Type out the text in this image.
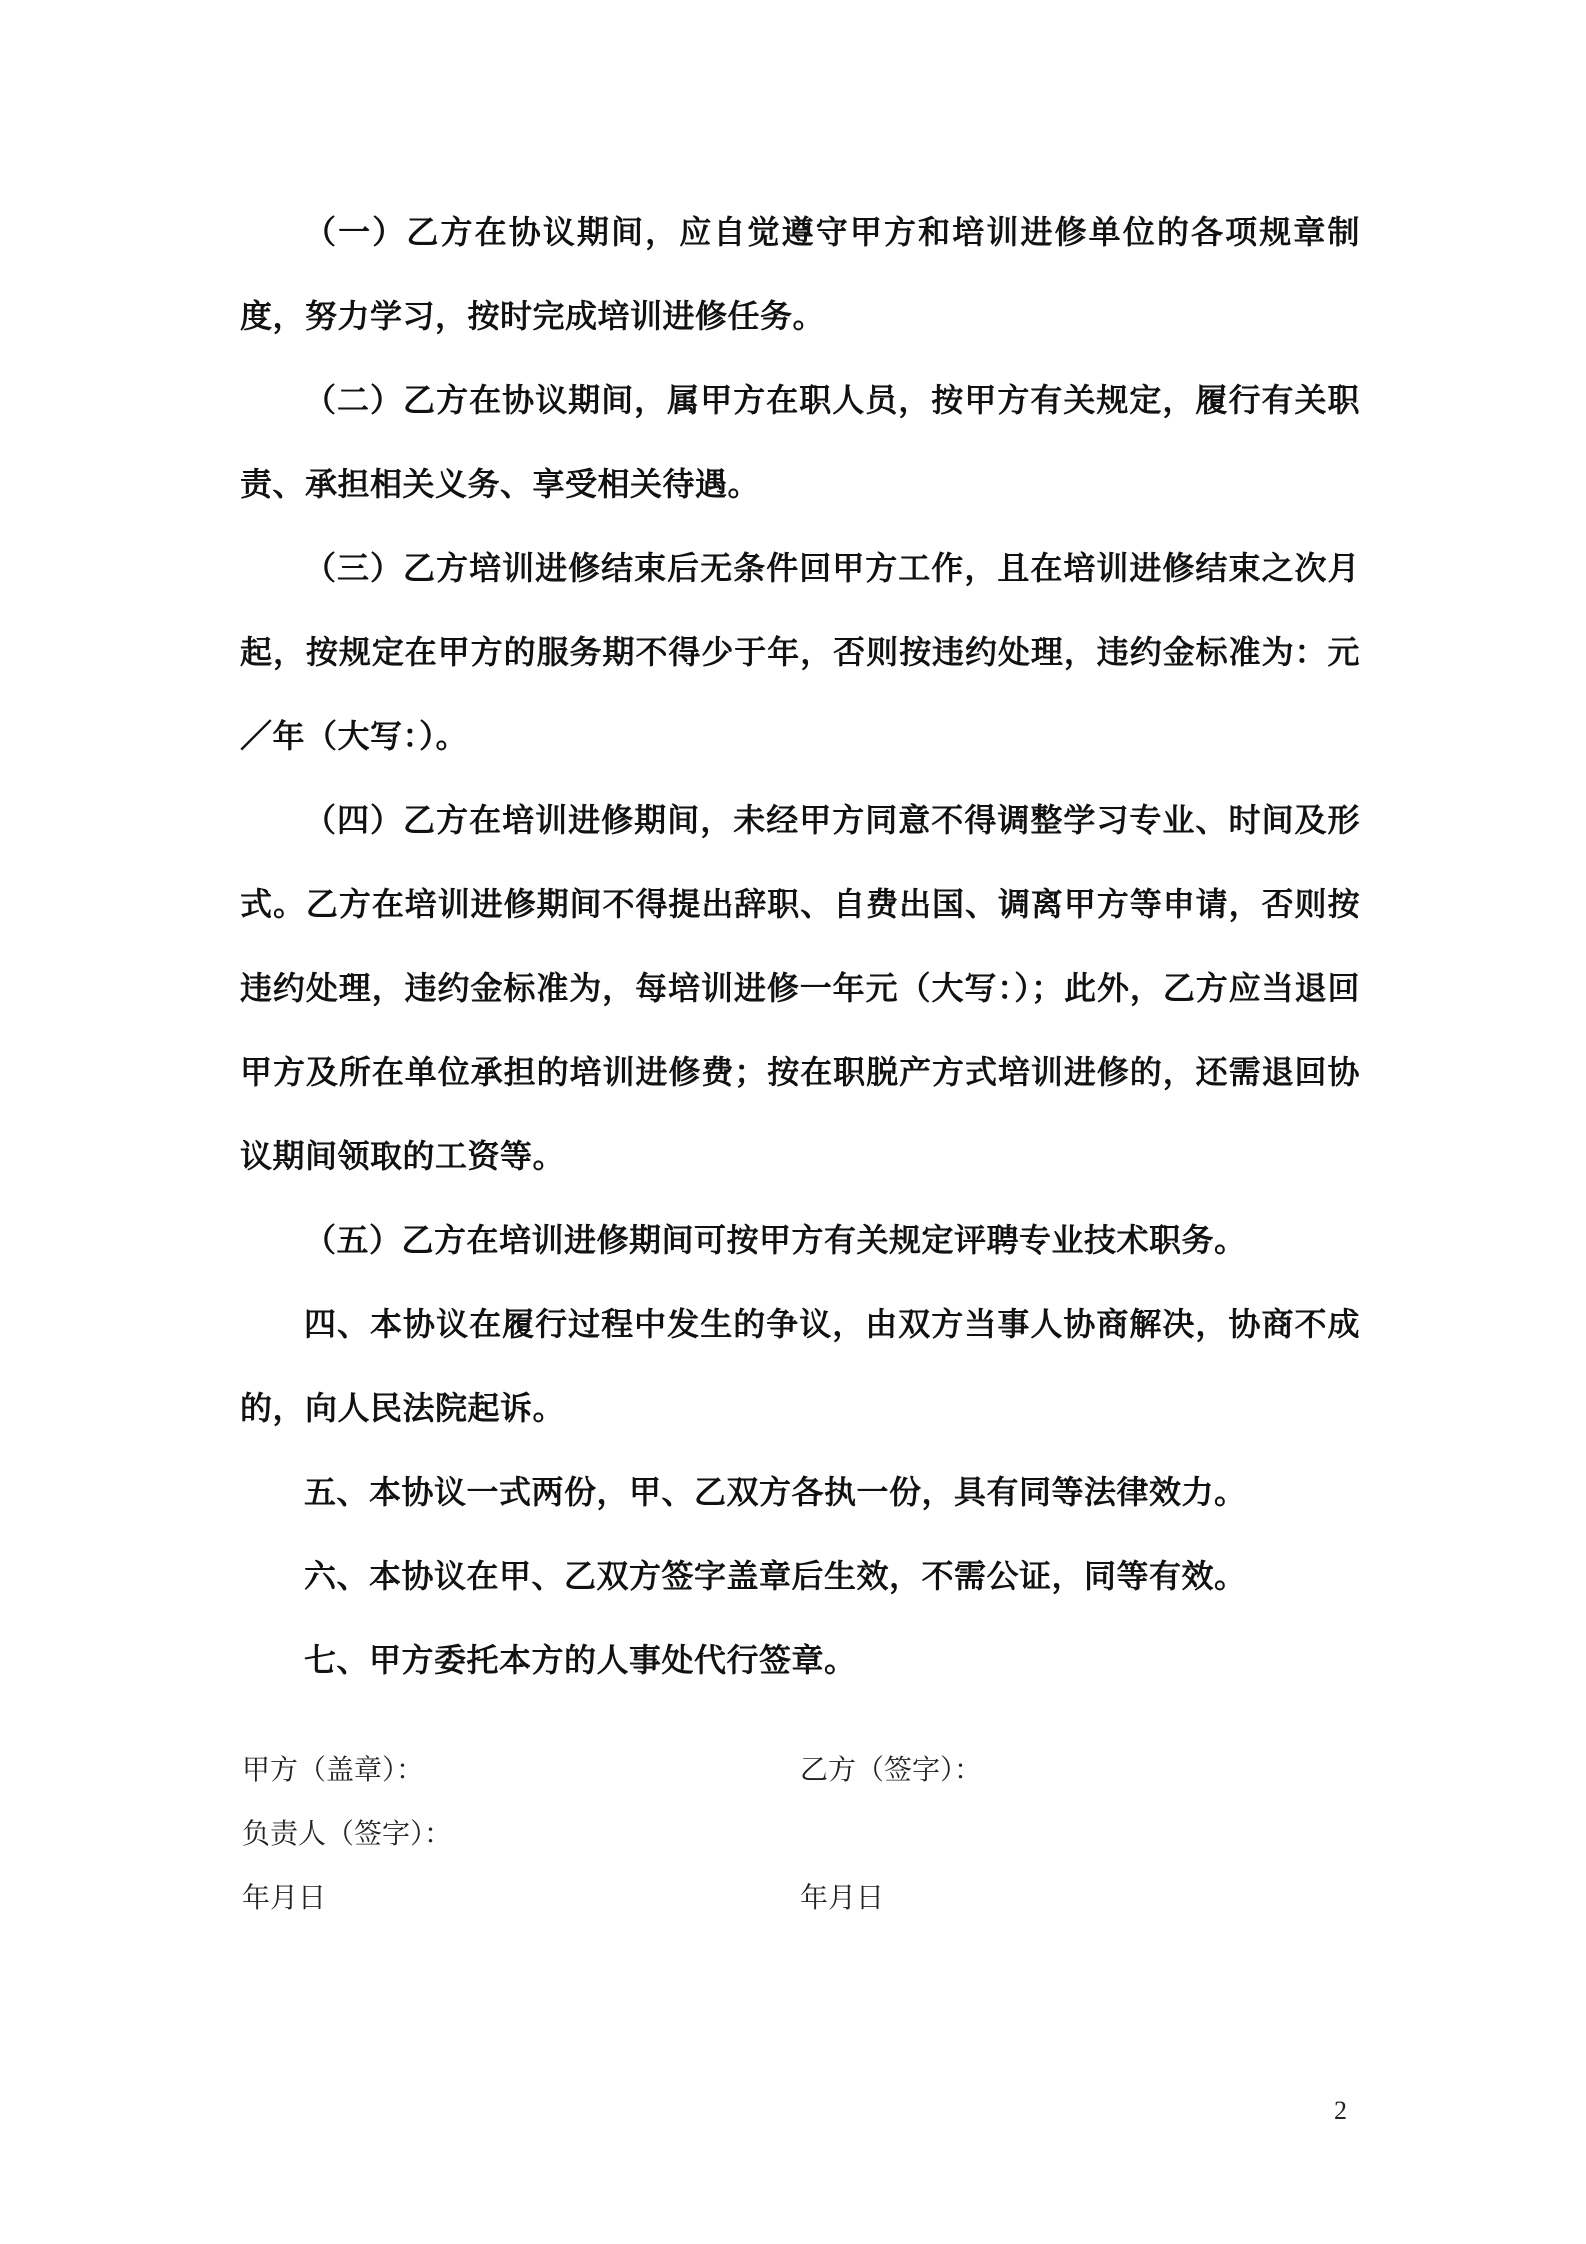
（一）乙方在协议期间，应自觉遵守甲方和培训进修单位的各项规章制度，努力学习，按时完成培训进修任务。

（二）乙方在协议期间，属甲方在职人员，按甲方有关规定，履行有关职责、承担相关义务、享受相关待遇。

（三）乙方培训进修结束后无条件回甲方工作，且在培训进修结束之次月起，按规定在甲方的服务期不得少于年，否则按违约处理，违约金标准为：元／年（大写：）。

（四）乙方在培训进修期间，未经甲方同意不得调整学习专业、时间及形式。乙方在培训进修期间不得提出辞职、自费出国、调离甲方等申请，否则按违约处理，违约金标准为，每培训进修一年元（大写：）；此外，乙方应当退回甲方及所在单位承担的培训进修费；按在职脱产方式培训进修的，还需退回协议期间领取的工资等。

（五）乙方在培训进修期间可按甲方有关规定评聘专业技术职务。

四、本协议在履行过程中发生的争议，由双方当事人协商解决，协商不成的，向人民法院起诉。

五、本协议一式两份，甲、乙双方各执一份，具有同等法律效力。

六、本协议在甲、乙双方签字盖章后生效，不需公证，同等有效。

七、甲方委托本方的人事处代行签章。

甲方（盖章）：	乙方（签字）：
负责人（签字）：
年月日	年月日
2
